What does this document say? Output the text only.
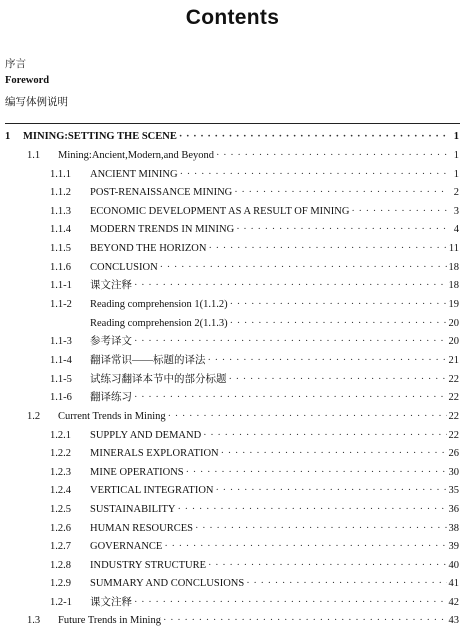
Contents
序言
Foreword
编写体例说明
1	MINING:SETTING THE SCENE · · ·	1
1.1	Mining:Ancient,Modern,and Beyond · · ·	1
1.1.1	ANCIENT MINING · · ·	1
1.1.2	POST-RENAISSANCE MINING · · ·	2
1.1.3	ECONOMIC DEVELOPMENT AS A RESULT OF MINING · · ·	3
1.1.4	MODERN TRENDS IN MINING · · ·	4
1.1.5	BEYOND THE HORIZON · · ·	11
1.1.6	CONCLUSION · · ·	18
1.1-1	课文注释 · · ·	18
1.1-2	Reading comprehension 1(1.1.2) · · ·	19
Reading comprehension 2(1.1.3) · · ·	20
1.1-3	参考译文 · · ·	20
1.1-4	翻译常识——标题的译法 · · ·	21
1.1-5	试练习翻译本节中的部分标题 · · ·	22
1.1-6	翻译练习 · · ·	22
1.2	Current Trends in Mining · · ·	22
1.2.1	SUPPLY AND DEMAND · · ·	22
1.2.2	MINERALS EXPLORATION · · ·	26
1.2.3	MINE OPERATIONS · · ·	30
1.2.4	VERTICAL INTEGRATION · · ·	35
1.2.5	SUSTAINABILITY · · ·	36
1.2.6	HUMAN RESOURCES · · ·	38
1.2.7	GOVERNANCE · · ·	39
1.2.8	INDUSTRY STRUCTURE · · ·	40
1.2.9	SUMMARY AND CONCLUSIONS · · ·	41
1.2-1	课文注释 · · ·	42
1.3	Future Trends in Mining · · ·	43
